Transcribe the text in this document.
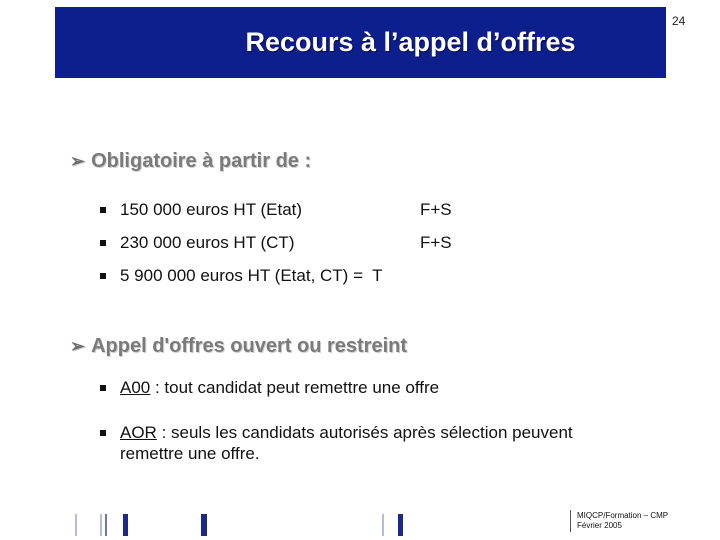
Recours à l’appel d’offres
24
➢ Obligatoire à partir de :
150 000 euros HT (Etat)	F+S
230 000 euros HT (CT)	F+S
5 900 000 euros HT (Etat, CT) =  T
➢ Appel d'offres ouvert ou restreint
A00 : tout candidat peut remettre une offre
AOR : seuls les candidats autorisés après sélection peuvent
remettre une offre.
MIQCP/Formation – CMP
Février 2005
